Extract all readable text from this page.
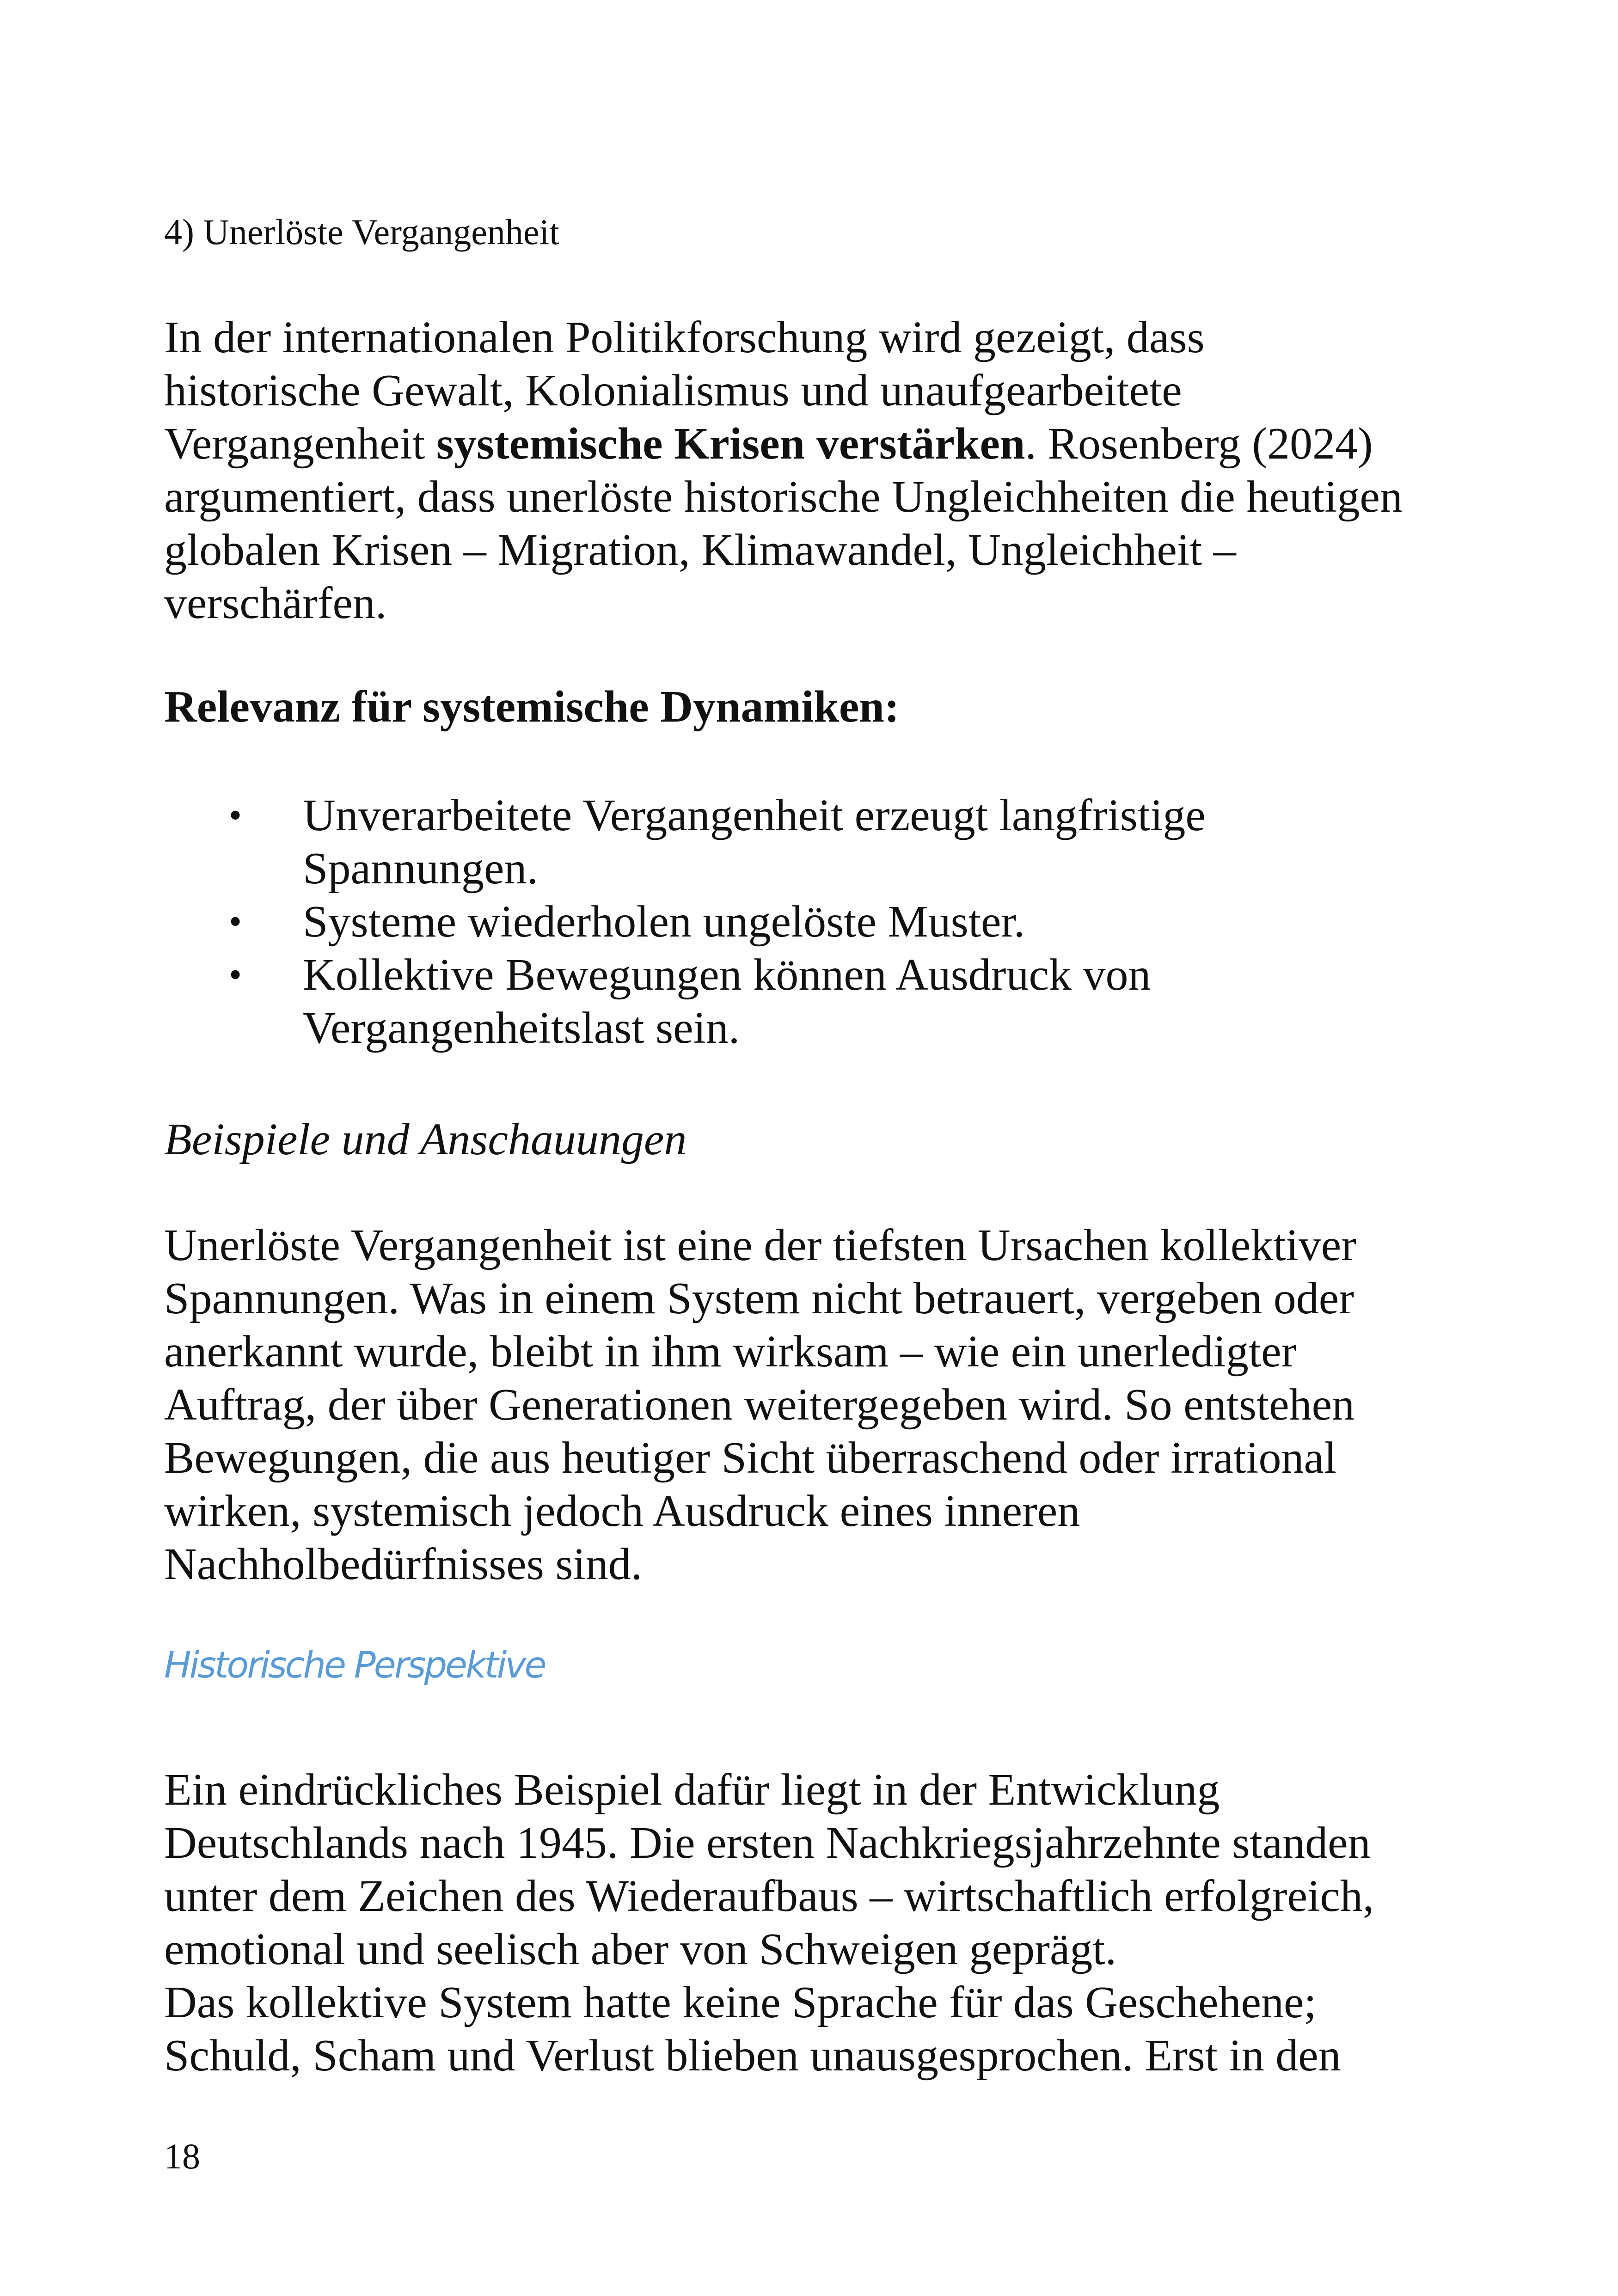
4) Unerlöste Vergangenheit
In der internationalen Politikforschung wird gezeigt, dass
historische Gewalt, Kolonialismus und unaufgearbeitete
Vergangenheit systemische Krisen verstärken. Rosenberg (2024)
argumentiert, dass unerlöste historische Ungleichheiten die heutigen
globalen Krisen – Migration, Klimawandel, Ungleichheit –
verschärfen.
Relevanz für systemische Dynamiken:
• Unverarbeitete Vergangenheit erzeugt langfristige
Spannungen.
• Systeme wiederholen ungelöste Muster.
• Kollektive Bewegungen können Ausdruck von
Vergangenheitslast sein.
Beispiele und Anschauungen
Unerlöste Vergangenheit ist eine der tiefsten Ursachen kollektiver
Spannungen. Was in einem System nicht betrauert, vergeben oder
anerkannt wurde, bleibt in ihm wirksam – wie ein unerledigter
Auftrag, der über Generationen weitergegeben wird. So entstehen
Bewegungen, die aus heutiger Sicht überraschend oder irrational
wirken, systemisch jedoch Ausdruck eines inneren
Nachholbedürfnisses sind.
Historische Perspektive
Ein eindrückliches Beispiel dafür liegt in der Entwicklung
Deutschlands nach 1945. Die ersten Nachkriegsjahrzehnte standen
unter dem Zeichen des Wiederaufbaus – wirtschaftlich erfolgreich,
emotional und seelisch aber von Schweigen geprägt.
Das kollektive System hatte keine Sprache für das Geschehene;
Schuld, Scham und Verlust blieben unausgesprochen. Erst in den
18
